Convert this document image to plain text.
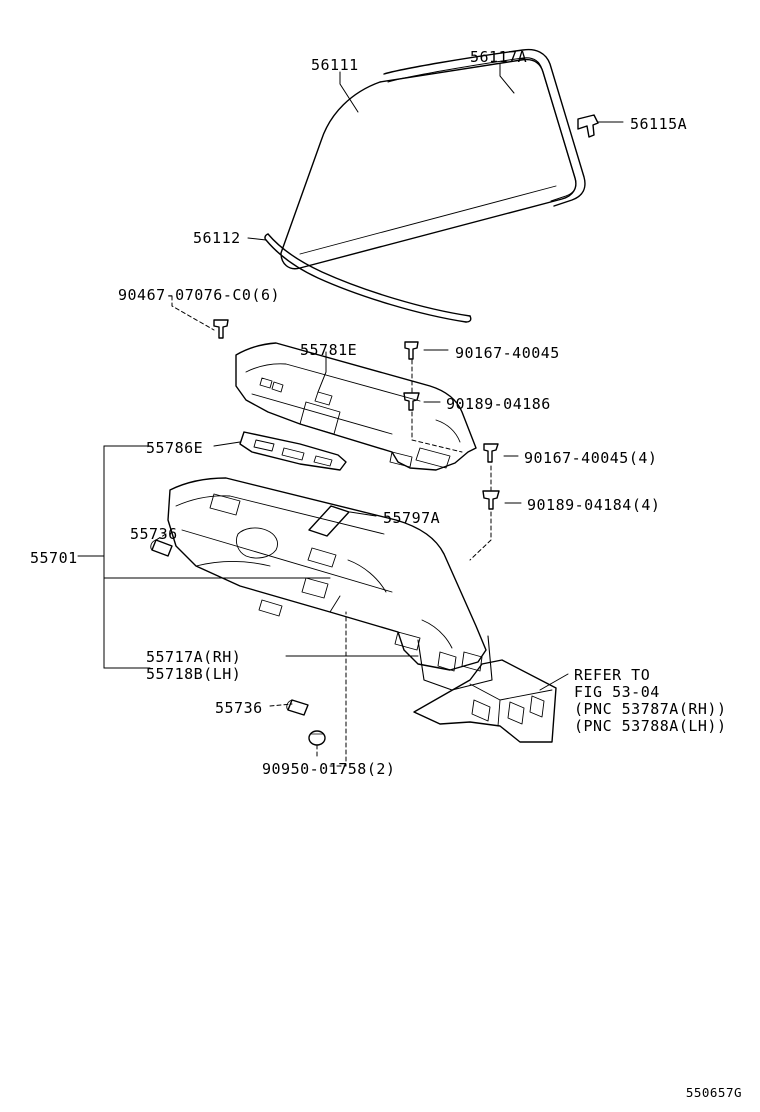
56111	56117A
56115A
56112
90467-07076-C0(6)
55781E	90167-40045
90189-04186
90167-40045(4)
55786E
90189-04184(4)
55797A
55736
55701
55717A(RH)
55718B(LH)
55736
REFER TO
FIG 53-04
(PNC 53787A(RH))
(PNC 53788A(LH))
90950-01758(2)
550657G
